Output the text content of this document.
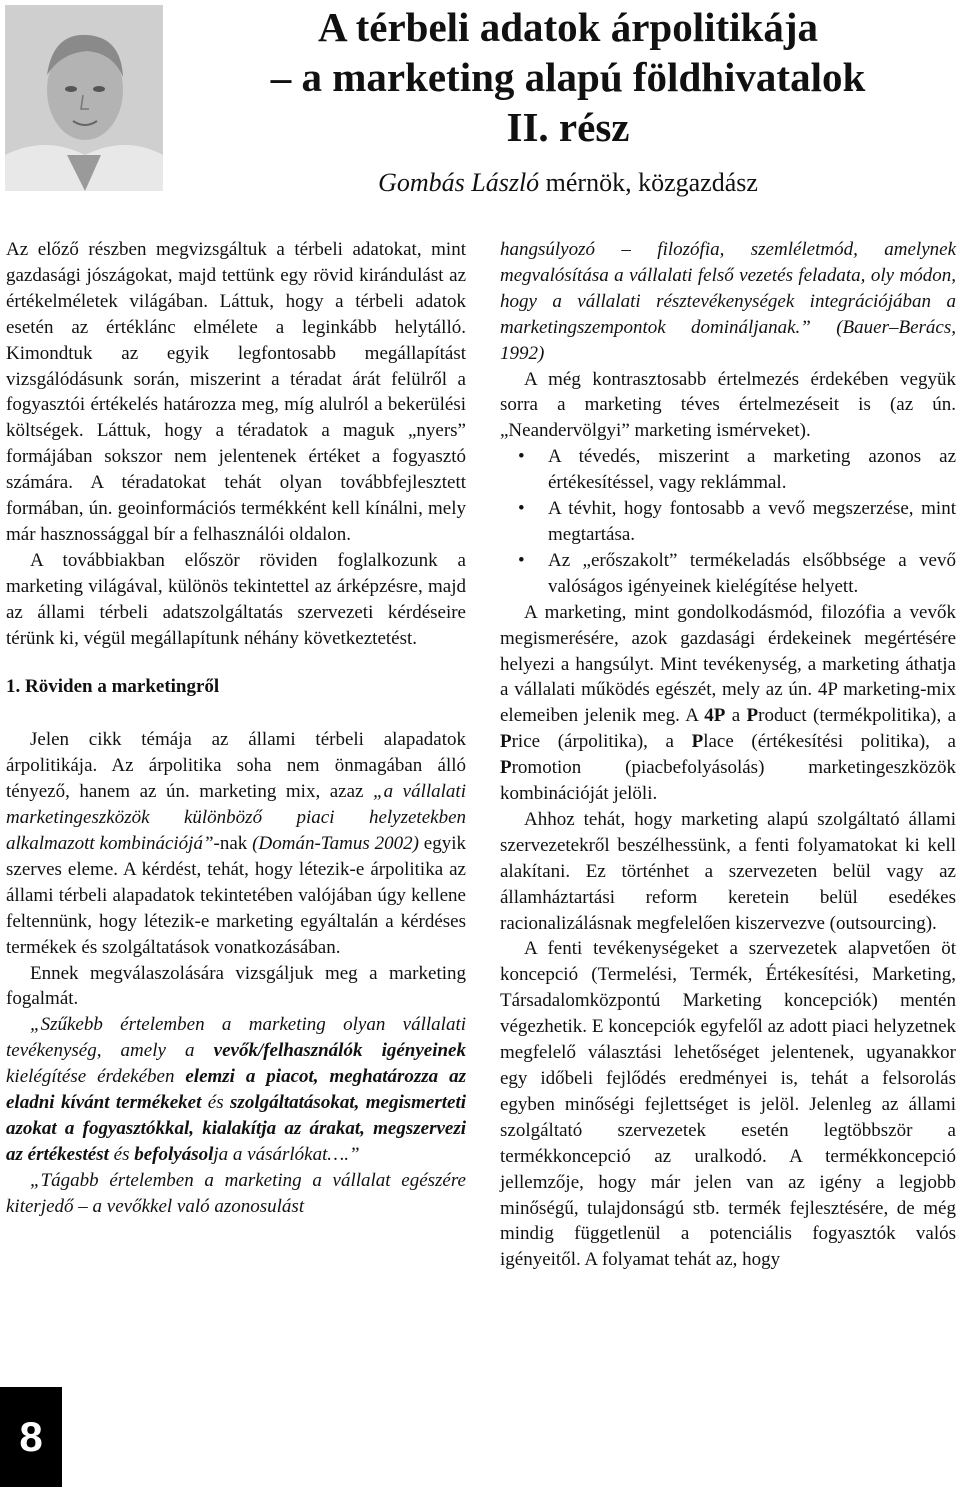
A térbeli adatok árpolitikája
– a marketing alapú földhivatalok
II. rész
Gombás László mérnök, közgazdász

Az előző részben megvizsgáltuk a térbeli adatokat, mint gazdasági jószágokat, majd tettünk egy rövid kirándulást az értékelméletek világában. Láttuk, hogy a térbeli adatok esetén az értéklánc elmélete a leginkább helytálló. Kimondtuk az egyik legfontosabb megállapítást vizsgálódásunk során, miszerint a téradat árát felülről a fogyasztói értékelés határozza meg, míg alulról a bekerülési költségek. Láttuk, hogy a téradatok a maguk „nyers” formájában sokszor nem jelentenek értéket a fogyasztó számára. A téradatokat tehát olyan továbbfejlesztett formában, ún. geoinformációs termékként kell kínálni, mely már hasznossággal bír a felhasználói oldalon.

A továbbiakban először röviden foglalkozunk a marketing világával, különös tekintettel az árképzésre, majd az állami térbeli adatszolgáltatás szervezeti kérdéseire térünk ki, végül megállapítunk néhány következtetést.

1. Röviden a marketingről

Jelen cikk témája az állami térbeli alapadatok árpolitikája. Az árpolitika soha nem önmagában álló tényező, hanem az ún. marketing mix, azaz „a vállalati marketingeszközök különböző piaci helyzetekben alkalmazott kombinációjá”-nak (Domán-Tamus 2002) egyik szerves eleme. A kérdést, tehát, hogy létezik-e árpolitika az állami térbeli alapadatok tekintetében valójában úgy kellene feltennünk, hogy létezik-e marketing egyáltalán a kérdéses termékek és szolgáltatások vonatkozásában.

Ennek megválaszolására vizsgáljuk meg a marketing fogalmát.

„Szűkebb értelemben a marketing olyan vállalati tevékenység, amely a vevők/felhasználók igényeinek kielégítése érdekében elemzi a piacot, meghatározza az eladni kívánt termékeket és szolgáltatásokat, megismerteti azokat a fogyasztókkal, kialakítja az árakat, megszervezi az értékestést és befolyásolja a vásárlókat….”

„Tágabb értelemben a marketing a vállalat egészére kiterjedő – a vevőkkel való azonosulást

hangsúlyozó – filozófia, szemléletmód, amelynek megvalósítása a vállalati felső vezetés feladata, oly módon, hogy a vállalati résztevékenységek integrációjában a marketingszempontok domináljanak.” (Bauer–Berács, 1992)

A még kontrasztosabb értelmezés érdekében vegyük sorra a marketing téves értelmezéseit is (az ún. „Neandervölgyi” marketing ismérveket).

• A tévedés, miszerint a marketing azonos az értékesítéssel, vagy reklámmal.
• A tévhit, hogy fontosabb a vevő megszerzése, mint megtartása.
• Az „erőszakolt” termékeladás elsőbbsége a vevő valóságos igényeinek kielégítése helyett.

A marketing, mint gondolkodásmód, filozófia a vevők megismerésére, azok gazdasági érdekeinek megértésére helyezi a hangsúlyt. Mint tevékenység, a marketing áthatja a vállalati működés egészét, mely az ún. 4P marketing-mix elemeiben jelenik meg. A 4P a Product (termékpolitika), a Price (árpolitika), a Place (értékesítési politika), a Promotion (piacbefolyásolás) marketingeszközök kombinációját jelöli.

Ahhoz tehát, hogy marketing alapú szolgáltató állami szervezetekről beszélhessünk, a fenti folyamatokat ki kell alakítani. Ez történhet a szervezeten belül vagy az államháztartási reform keretein belül esedékes racionalizálásnak megfelelően kiszervezve (outsourcing).

A fenti tevékenységeket a szervezetek alapvetően öt koncepció (Termelési, Termék, Értékesítési, Marketing, Társadalomközpontú Marketing koncepciók) mentén végezhetik. E koncepciók egyfelől az adott piaci helyzetnek megfelelő választási lehetőséget jelentenek, ugyanakkor egy időbeli fejlődés eredményei is, tehát a felsorolás egyben minőségi fejlettséget is jelöl. Jelenleg az állami szolgáltató szervezetek esetén legtöbbször a termékkoncepció az uralkodó. A termékkoncepció jellemzője, hogy már jelen van az igény a legjobb minőségű, tulajdonságú stb. termék fejlesztésére, de még mindig függetlenül a potenciális fogyasztók valós igényeitől. A folyamat tehát az, hogy

8
